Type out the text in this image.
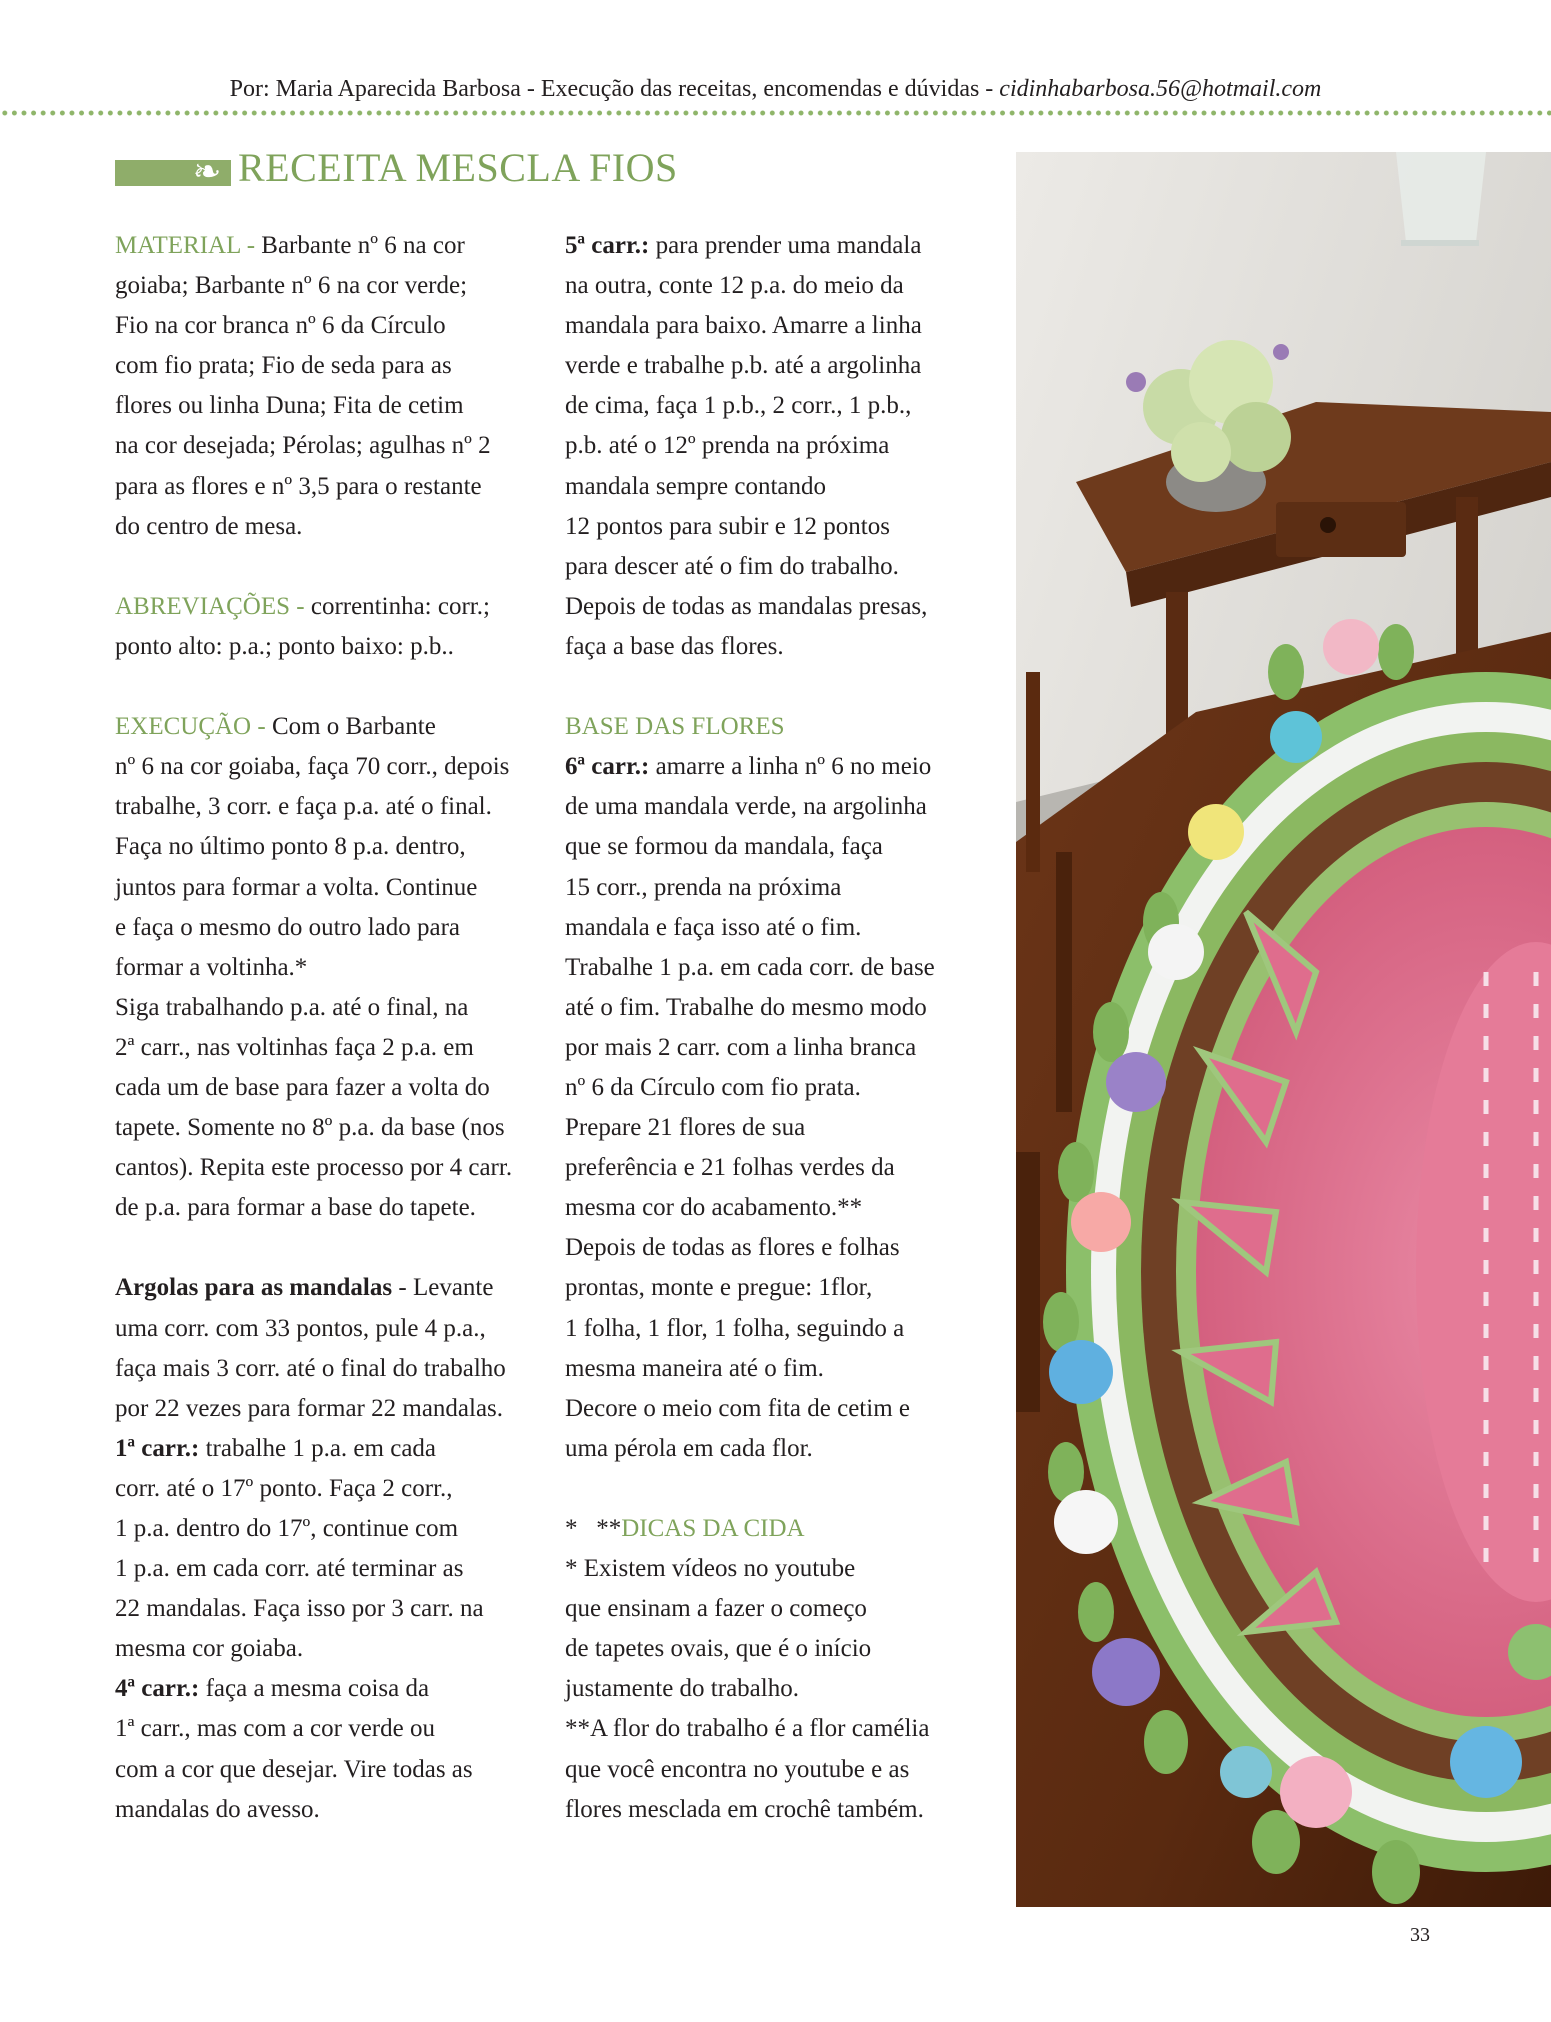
Por: Maria Aparecida Barbosa - Execução das receitas, encomendas e dúvidas - cidinhabarbosa.56@hotmail.com
❧ RECEITA MESCLA FIOS

MATERIAL - Barbante nº 6 na cor
goiaba; Barbante nº 6 na cor verde;
Fio na cor branca nº 6 da Círculo
com fio prata; Fio de seda para as
flores ou linha Duna; Fita de cetim
na cor desejada; Pérolas; agulhas nº 2
para as flores e nº 3,5 para o restante
do centro de mesa.

ABREVIAÇÕES - correntinha: corr.;
ponto alto: p.a.; ponto baixo: p.b..

EXECUÇÃO - Com o Barbante
nº 6 na cor goiaba, faça 70 corr., depois
trabalhe, 3 corr. e faça p.a. até o final.
Faça no último ponto 8 p.a. dentro,
juntos para formar a volta. Continue
e faça o mesmo do outro lado para
formar a voltinha.*
Siga trabalhando p.a. até o final, na
2ª carr., nas voltinhas faça 2 p.a. em
cada um de base para fazer a volta do
tapete. Somente no 8º p.a. da base (nos
cantos). Repita este processo por 4 carr.
de p.a. para formar a base do tapete.

Argolas para as mandalas - Levante
uma corr. com 33 pontos, pule 4 p.a.,
faça mais 3 corr. até o final do trabalho
por 22 vezes para formar 22 mandalas.
1ª carr.: trabalhe 1 p.a. em cada
corr. até o 17º ponto. Faça 2 corr.,
1 p.a. dentro do 17º, continue com
1 p.a. em cada corr. até terminar as
22 mandalas. Faça isso por 3 carr. na
mesma cor goiaba.
4ª carr.: faça a mesma coisa da
1ª carr., mas com a cor verde ou
com a cor que desejar. Vire todas as
mandalas do avesso.

5ª carr.: para prender uma mandala
na outra, conte 12 p.a. do meio da
mandala para baixo. Amarre a linha
verde e trabalhe p.b. até a argolinha
de cima, faça 1 p.b., 2 corr., 1 p.b.,
p.b. até o 12º prenda na próxima
mandala sempre contando
12 pontos para subir e 12 pontos
para descer até o fim do trabalho.
Depois de todas as mandalas presas,
faça a base das flores.

BASE DAS FLORES
6ª carr.: amarre a linha nº 6 no meio
de uma mandala verde, na argolinha
que se formou da mandala, faça
15 corr., prenda na próxima
mandala e faça isso até o fim.
Trabalhe 1 p.a. em cada corr. de base
até o fim. Trabalhe do mesmo modo
por mais 2 carr. com a linha branca
nº 6 da Círculo com fio prata.
Prepare 21 flores de sua
preferência e 21 folhas verdes da
mesma cor do acabamento.**
Depois de todas as flores e folhas
prontas, monte e pregue: 1flor,
1 folha, 1 flor, 1 folha, seguindo a
mesma maneira até o fim.
Decore o meio com fita de cetim e
uma pérola em cada flor.

*   **DICAS DA CIDA
* Existem vídeos no youtube
que ensinam a fazer o começo
de tapetes ovais, que é o início
justamente do trabalho.
**A flor do trabalho é a flor camélia
que você encontra no youtube e as
flores mesclada em crochê também.

33
